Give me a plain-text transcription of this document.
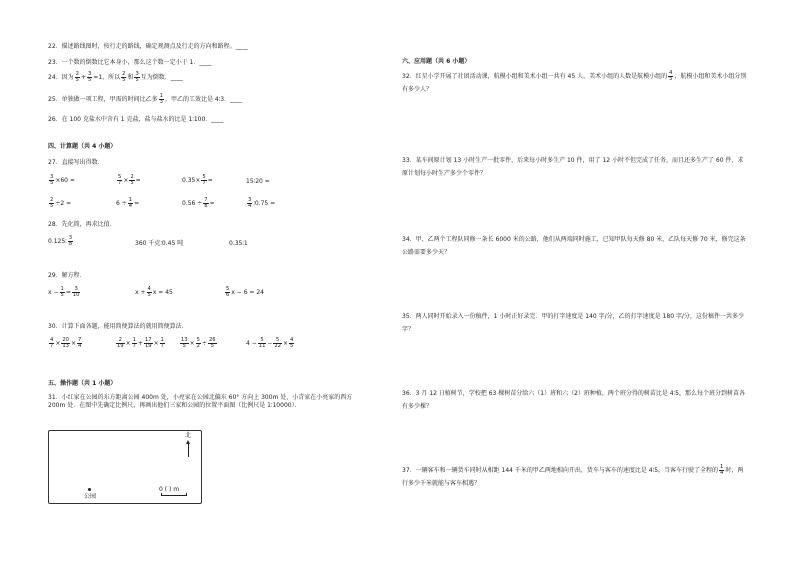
22．描述路线图时，按行走的路线，确定观测点及行走的方向和路程。____
23．一个数的倒数比它本身小，那么这个数一定小于 1．____
24．因为 $\frac{2}{5} + \frac{3}{5} =1$，所以 $\frac{2}{5}$ 和 $\frac{3}{5}$ 互为倒数．____
25．单独做一项工程，甲需的时间比乙多 $\frac{1}{3}$ ，甲乙的工效比是 4∶3．____
26．在 100 克盐水中含有 1 克盐，盐与盐水的比是 1∶100．____
四、计算题（共 4 小题）
27．直接写出得数．
$\frac{3}{5} \times 60$ =	$\frac{5}{7} \times \frac{2}{5}$ =	$0.35\times \frac{5}{7}$ =	15∶20 =
$\frac{2}{5} \div 2$ =	$6 \div \frac{1}{4}$ =	$0.56 \div \frac{7}{8}$ =	$\frac{3}{4}$ ∶0.75 =
28．先化简，再求比值．
0.125∶ $\frac{3}{8}$	360 千克∶0.45 吨	0.35∶1
29．解方程．
$x - \frac{1}{5} = \frac{3}{10}$	$x + \frac{4}{5}$ x = 45	$\frac{5}{6}$ x − 6 = 24
30．计算下面各题，能用简便算法的就用简便算法．
$\frac{4}{7} \times \frac{20}{13} \times \frac{7}{4}$	$\frac{2}{19} \times \frac{1}{7} + \frac{17}{19} \times \frac{1}{7}$	$\frac{13}{5} \times \frac{5}{2} \div \frac{26}{5}$	$4 - \frac{5}{11} - \frac{5}{22} \times \frac{4}{5}$
五、操作题（共 1 小题）
31．小红家在公园的东方距离公园 400m 处，小亮家在公园北偏东 60° 方向上 300m 处，小青家在小亮家的西方 200m 处．在图中先确定比例尺，再画出他们三家和公园的位置平面图（比例尺是 1∶10000）．
北
公园
0 ( ) m
六、应用题（共 6 小题）
32．红星小学开展了社团活动课，航模小组和美术小组一共有 45 人，美术小组的人数是航模小组的 $\frac{4}{5}$ ，航模小组和美术小组分别有多少人？
33．某车间原计划 13 小时生产一批零件，后来每小时多生产 10 件，用了 12 小时不但完成了任务，而且还多生产了 60 件，求原计划每小时生产多少个零件？
34．甲、乙两个工程队同修一条长 6000 米的公路，他们从两端同时施工，已知甲队每天修 80 米，乙队每天修 70 米，修完这条公路需要多少天？
35．两人同时开始录入一份稿件，1 小时正好录完．甲的打字速度是 140 字/分，乙的打字速度是 180 字/分，这份稿件一共多少字？
36．3 月 12 日植树节，学校把 63 棵树苗分给六（1）班和六（2）班种植，两个班分得的树苗比是 4∶5，那么每个班分到树苗各有多少棵？
37．一辆客车和一辆货车同时从相距 144 千米的甲乙两地相向开出，货车与客车的速度比是 4∶5，当客车行驶了全程的 $\frac{1}{4}$ 时，两行多少千米就能与客车相遇？
